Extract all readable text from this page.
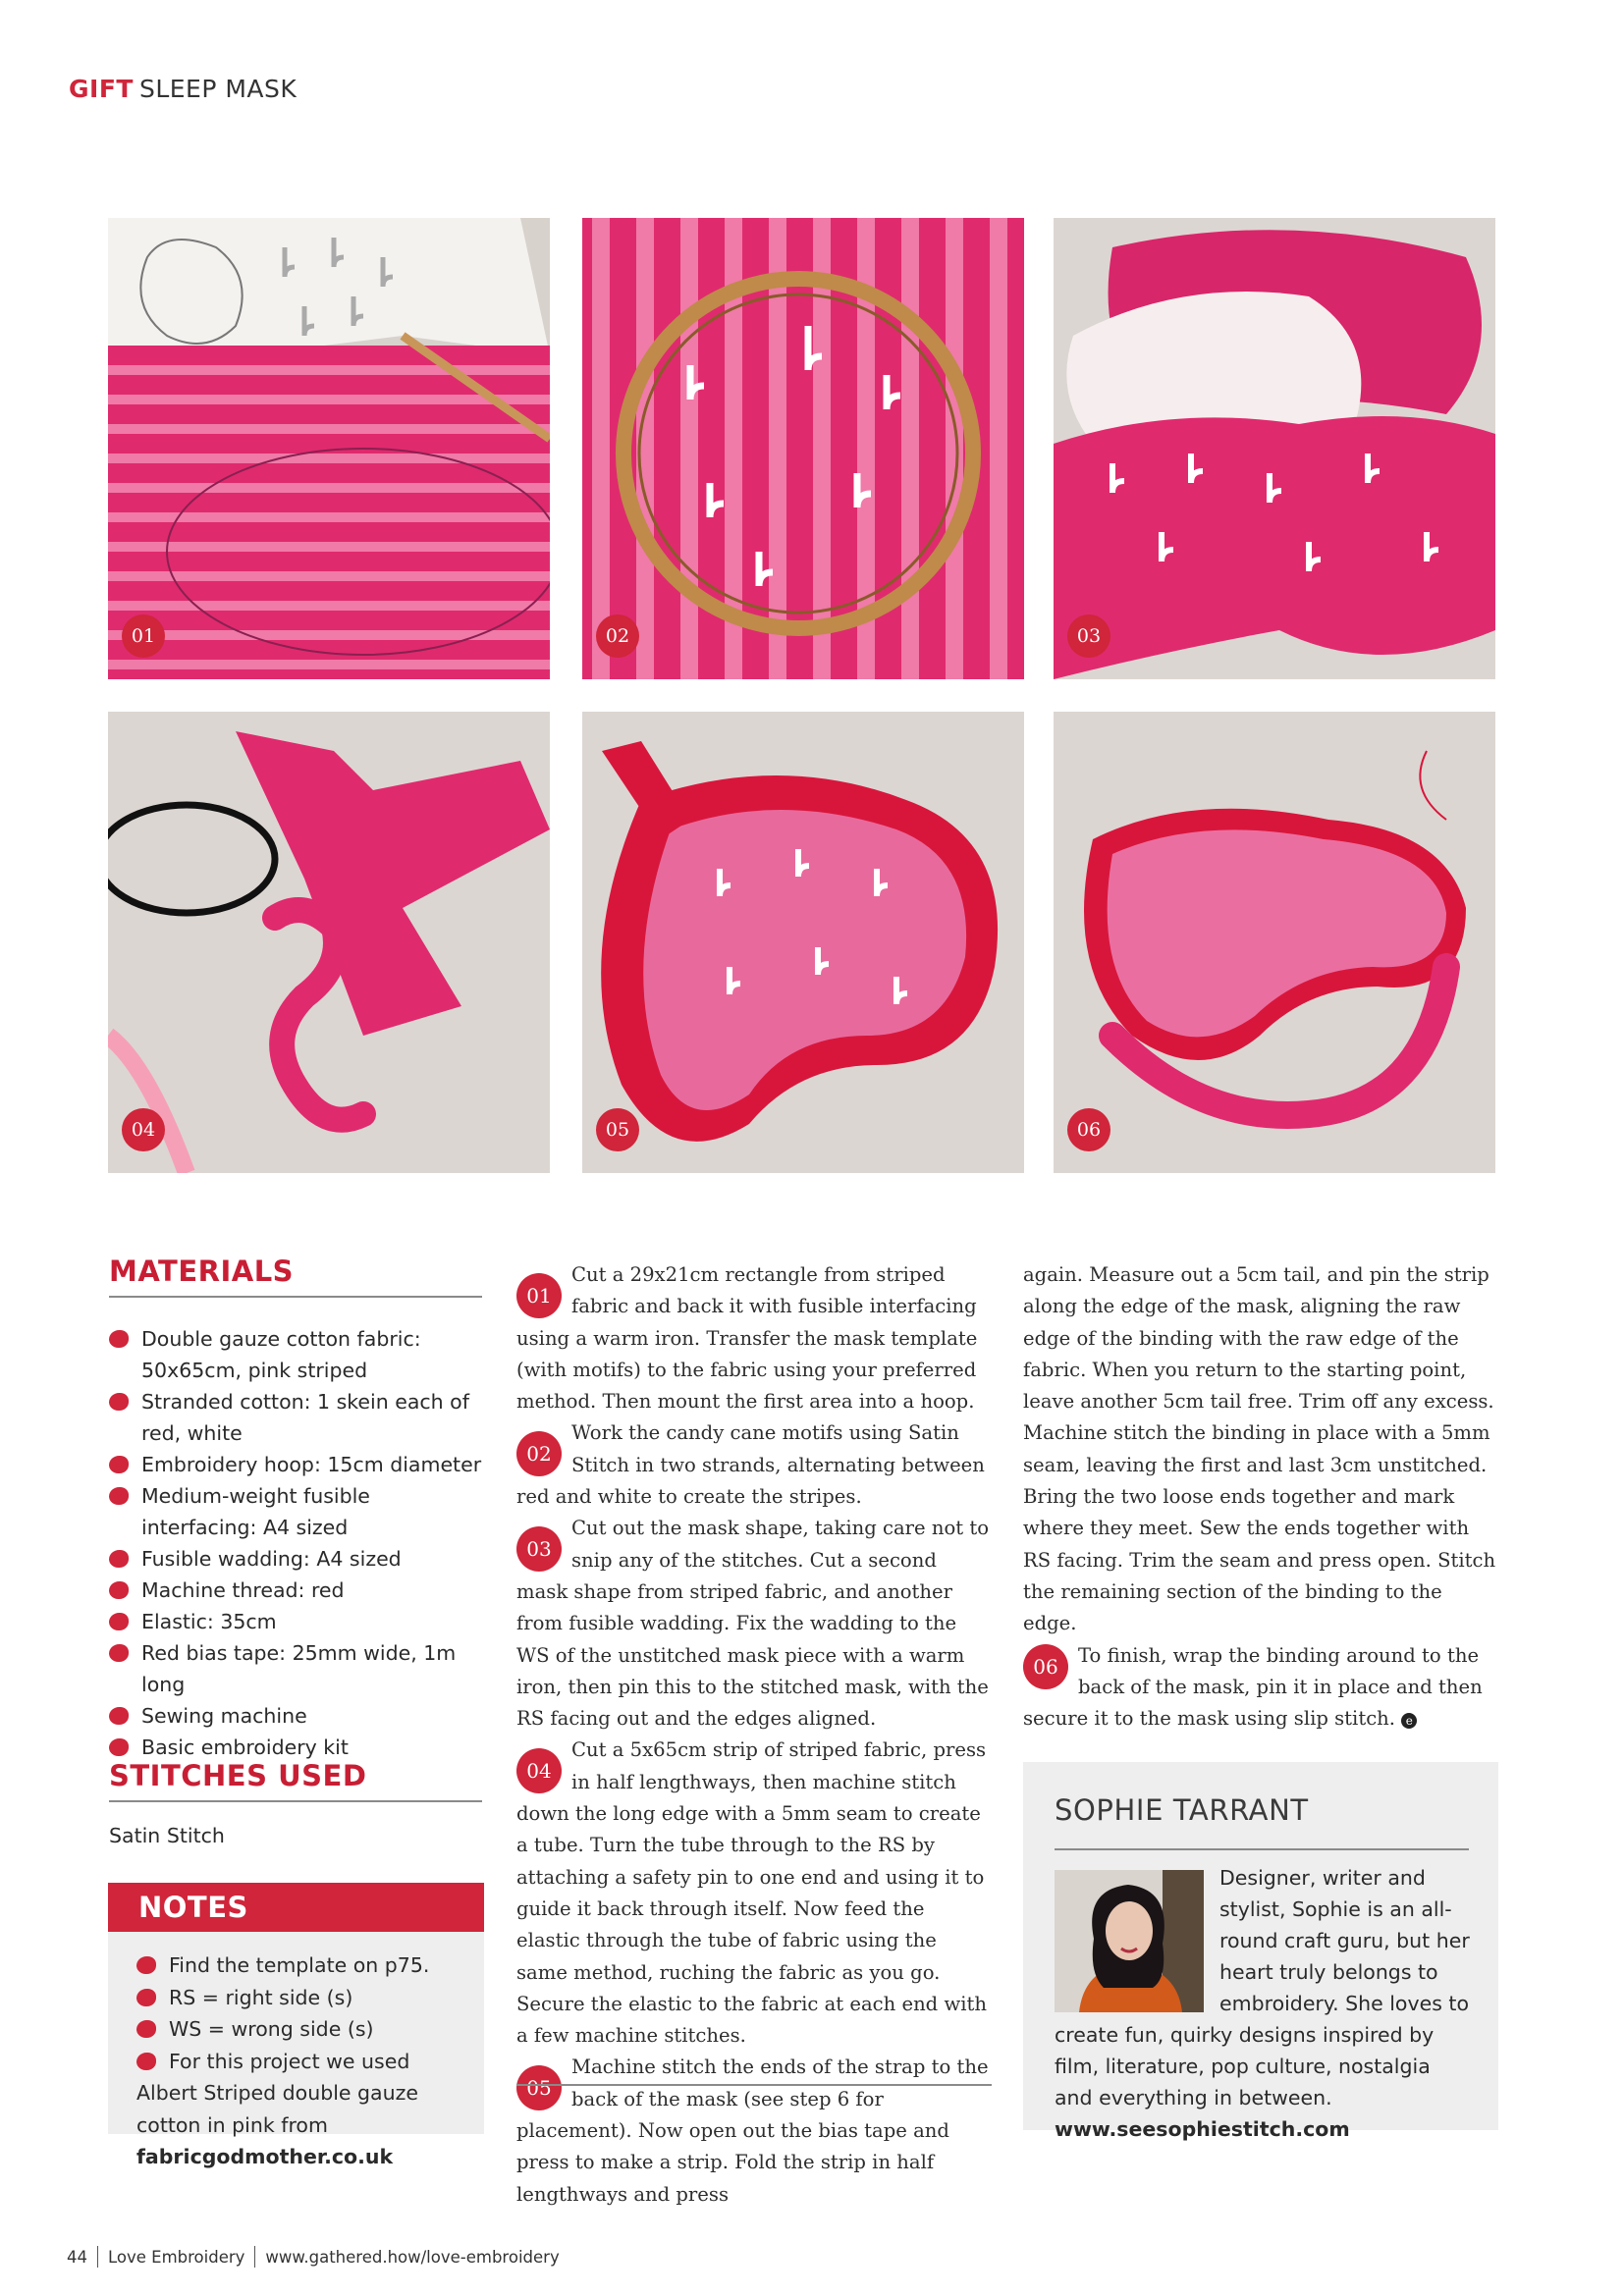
GIFT SLEEP MASK
01	02	03
04	05	06
MATERIALS
Double gauze cotton fabric: 50x65cm, pink striped
Stranded cotton: 1 skein each of red, white
Embroidery hoop: 15cm diameter
Medium-weight fusible interfacing: A4 sized
Fusible wadding: A4 sized
Machine thread: red
Elastic: 35cm
Red bias tape: 25mm wide, 1m long
Sewing machine
Basic embroidery kit
STITCHES USED
Satin Stitch
NOTES
Find the template on p75.
RS = right side (s)
WS = wrong side (s)
For this project we used Albert Striped double gauze cotton in pink from fabricgodmother.co.uk

01
Cut a 29x21cm rectangle from striped fabric and back it with fusible interfacing using a warm iron. Transfer the mask template (with motifs) to the fabric using your preferred method. Then mount the first area into a hoop.

02
Work the candy cane motifs using Satin Stitch in two strands, alternating between red and white to create the stripes.

03
Cut out the mask shape, taking care not to snip any of the stitches. Cut a second mask shape from striped fabric, and another from fusible wadding. Fix the wadding to the WS of the unstitched mask piece with a warm iron, then pin this to the stitched mask, with the RS facing out and the edges aligned.

04
Cut a 5x65cm strip of striped fabric, press in half lengthways, then machine stitch down the long edge with a 5mm seam to create a tube. Turn the tube through to the RS by attaching a safety pin to one end and using it to guide it back through itself. Now feed the elastic through the tube of fabric using the same method, ruching the fabric as you go. Secure the elastic to the fabric at each end with a few machine stitches.

05
Machine stitch the ends of the strap to the back of the mask (see step 6 for placement). Now open out the bias tape and press to make a strip. Fold the strip in half lengthways and press

again. Measure out a 5cm tail, and pin the strip along the edge of the mask, aligning the raw edge of the binding with the raw edge of the fabric. When you return to the starting point, leave another 5cm tail free. Trim off any excess. Machine stitch the binding in place with a 5mm seam, leaving the first and last 3cm unstitched. Bring the two loose ends together and mark where they meet. Sew the ends together with RS facing. Trim the seam and press open. Stitch the remaining section of the binding to the edge.

06	To finish, wrap the binding around to the back of the mask, pin it in place and then secure it to the mask using slip stitch. e

SOPHIE TARRANT
Designer, writer and stylist, Sophie is an all-round craft guru, but her heart truly belongs to embroidery. She loves to create fun, quirky designs inspired by film, literature, pop culture, nostalgia and everything in between.
www.seesophiestitch.com
44 Love Embroidery www.gathered.how/love-embroidery
